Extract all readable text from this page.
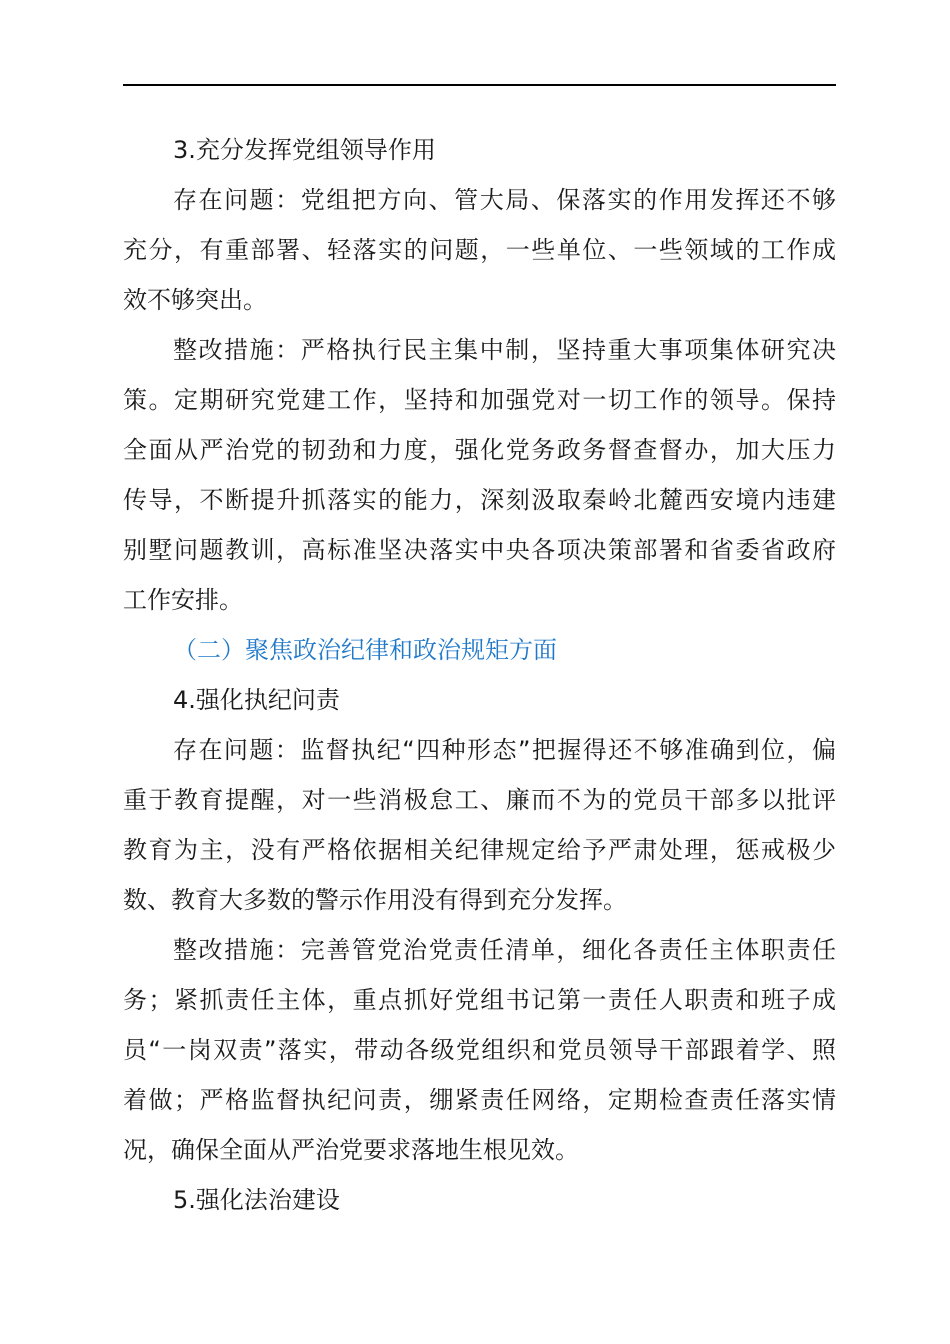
3.充分发挥党组领导作用
存在问题：党组把方向、管大局、保落实的作用发挥还不够
充分，有重部署、轻落实的问题，一些单位、一些领域的工作成
效不够突出。
整改措施：严格执行民主集中制，坚持重大事项集体研究决
策。定期研究党建工作，坚持和加强党对一切工作的领导。保持
全面从严治党的韧劲和力度，强化党务政务督查督办，加大压力
传导，不断提升抓落实的能力，深刻汲取秦岭北麓西安境内违建
别墅问题教训，高标准坚决落实中央各项决策部署和省委省政府
工作安排。
（二）聚焦政治纪律和政治规矩方面
4.强化执纪问责
存在问题：监督执纪“四种形态”把握得还不够准确到位，偏
重于教育提醒，对一些消极怠工、廉而不为的党员干部多以批评
教育为主，没有严格依据相关纪律规定给予严肃处理，惩戒极少
数、教育大多数的警示作用没有得到充分发挥。
整改措施：完善管党治党责任清单，细化各责任主体职责任
务；紧抓责任主体，重点抓好党组书记第一责任人职责和班子成
员“一岗双责”落实，带动各级党组织和党员领导干部跟着学、照
着做；严格监督执纪问责，绷紧责任网络，定期检查责任落实情
况，确保全面从严治党要求落地生根见效。
5.强化法治建设
